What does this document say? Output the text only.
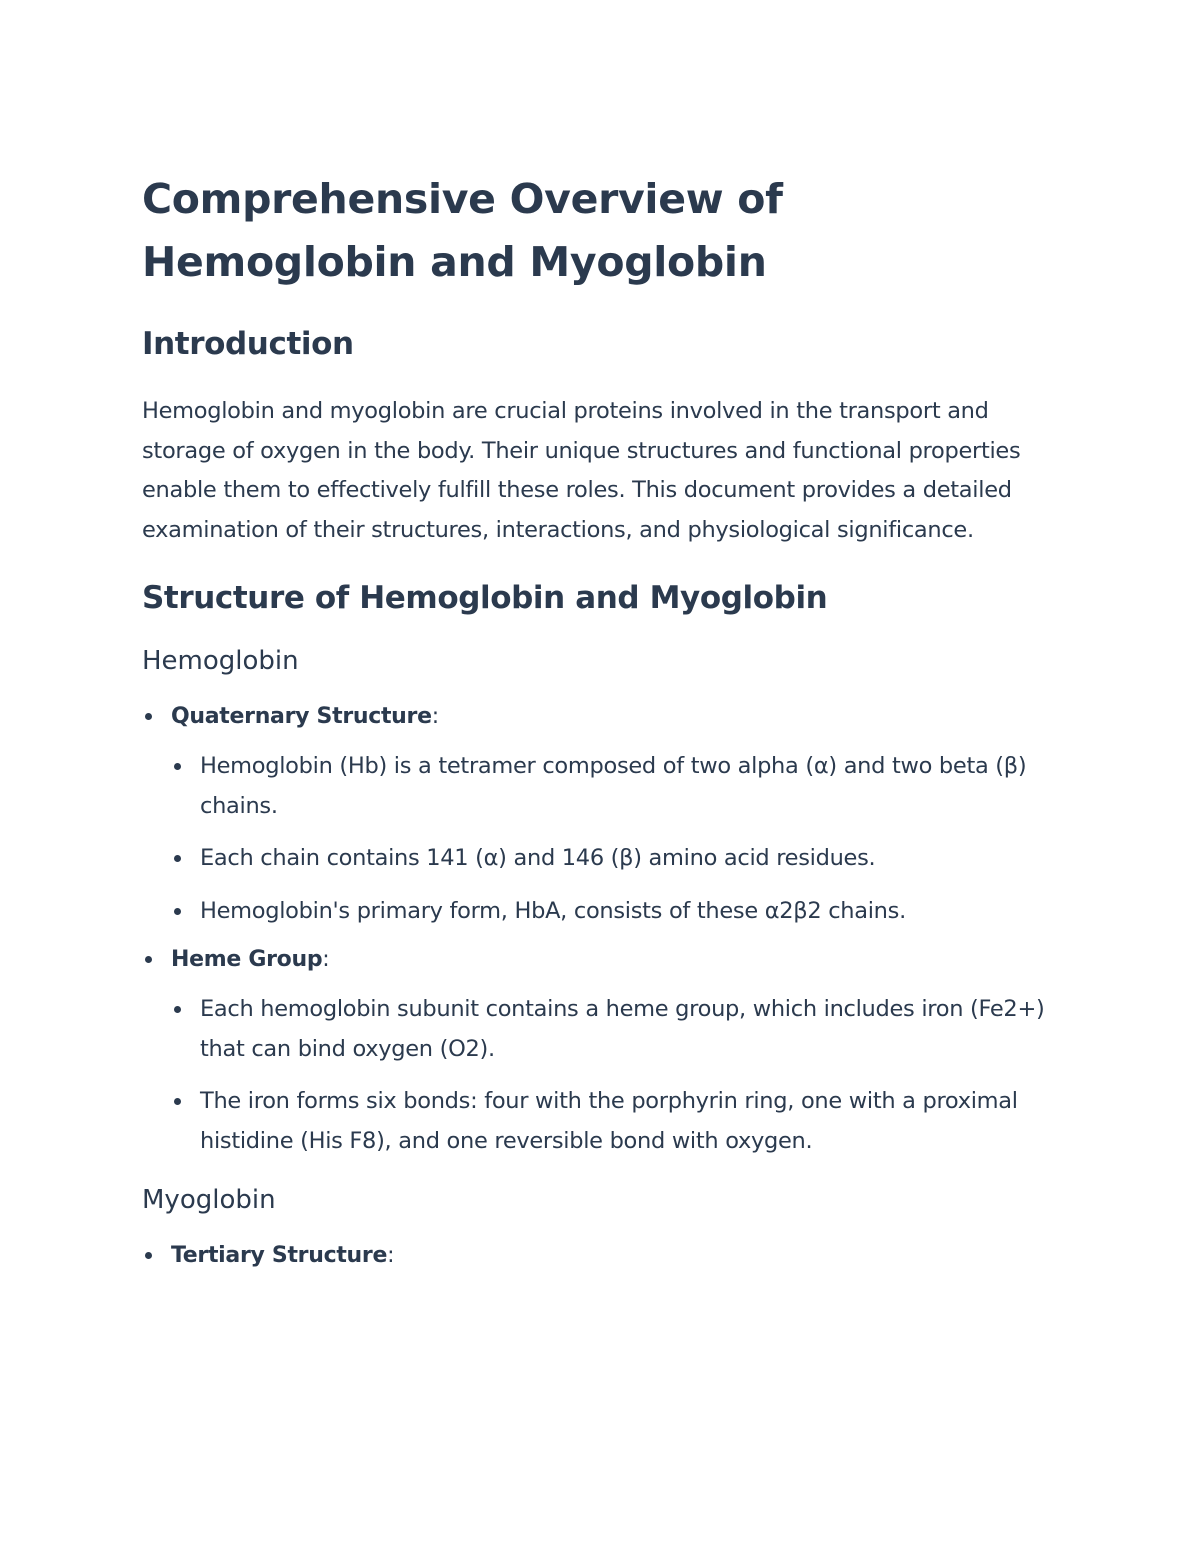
Comprehensive Overview of Hemoglobin and Myoglobin
Introduction

Hemoglobin and myoglobin are crucial proteins involved in the transport and storage of oxygen in the body. Their unique structures and functional properties enable them to effectively fulfill these roles. This document provides a detailed examination of their structures, interactions, and physiological significance.

Structure of Hemoglobin and Myoglobin
Hemoglobin
Quaternary Structure:
Hemoglobin (Hb) is a tetramer composed of two alpha (α) and two beta (β) chains.
Each chain contains 141 (α) and 146 (β) amino acid residues.
Hemoglobin's primary form, HbA, consists of these α2β2 chains.
Heme Group:
Each hemoglobin subunit contains a heme group, which includes iron (Fe2+) that can bind oxygen (O2).
The iron forms six bonds: four with the porphyrin ring, one with a proximal histidine (His F8), and one reversible bond with oxygen.
Myoglobin
Tertiary Structure:
